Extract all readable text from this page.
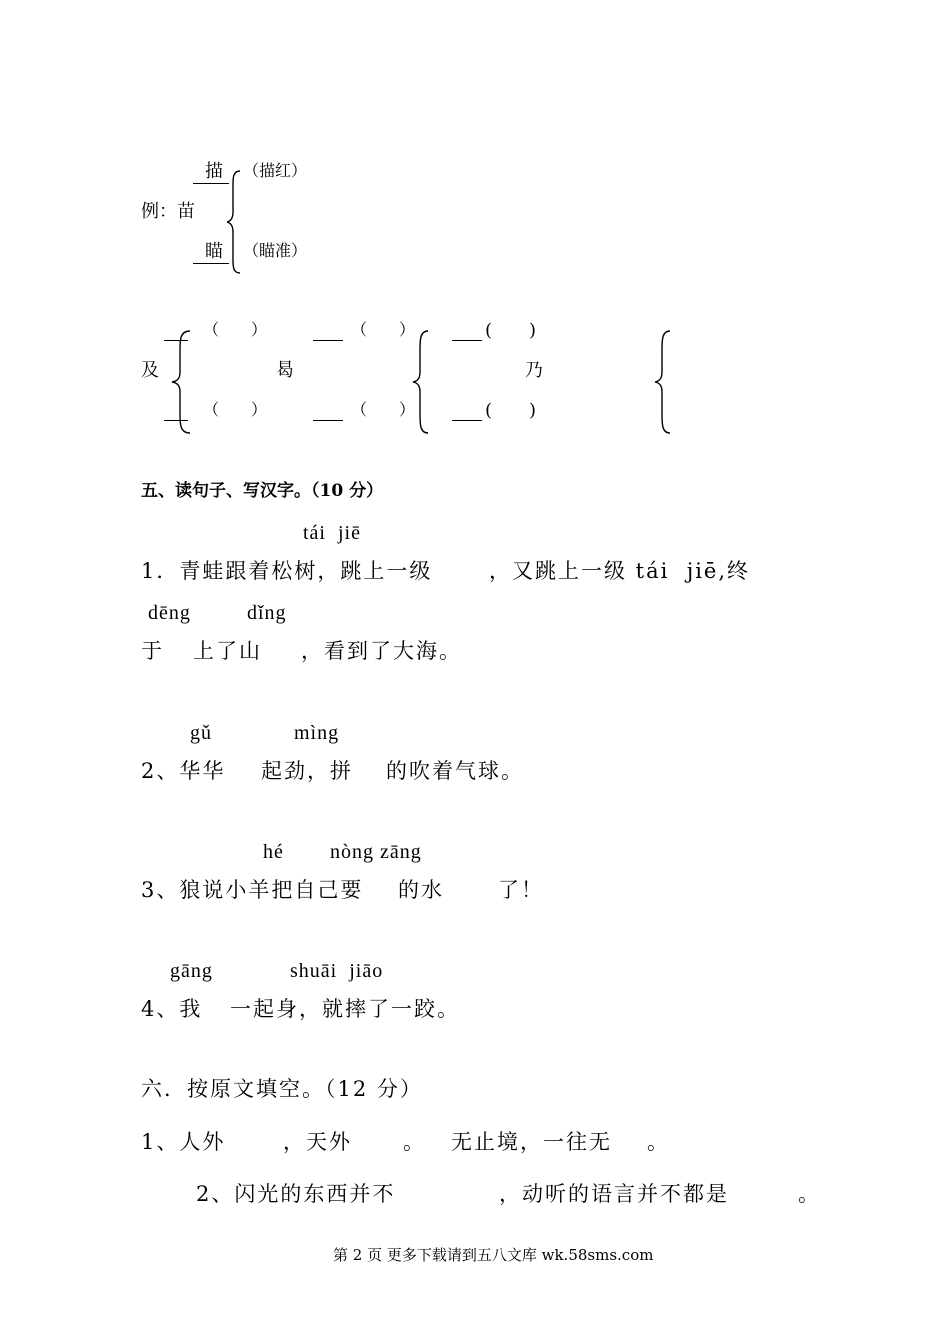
描 （描红）
例：苗
瞄 （瞄准）
及
（ ）
（ ）
曷
（ ）
（ ）
( )
乃
( )
五、读句子、写汉字。（10 分）
tái  jiē
1．青蛙跟着松树，跳上一级	，又跳上一级 tái  jiē,终
dēng	dǐng
于 上了山 ，看到了大海。
gǔ	mìng
2、华华 起劲，拼 的吹着气球。
hé nòng zāng
3、狼说小羊把自己要 的水	了！
gāng	shuāi  jiāo
4、我 一起身，就摔了一跤。
六．按原文填空。（12 分）
1、人外	，天外 。 无止境，一往无 。
2、闪光的东西并不	，动听的语言并不都是	。
第 2 页 更多下载请到五八文库 wk.58sms.com
